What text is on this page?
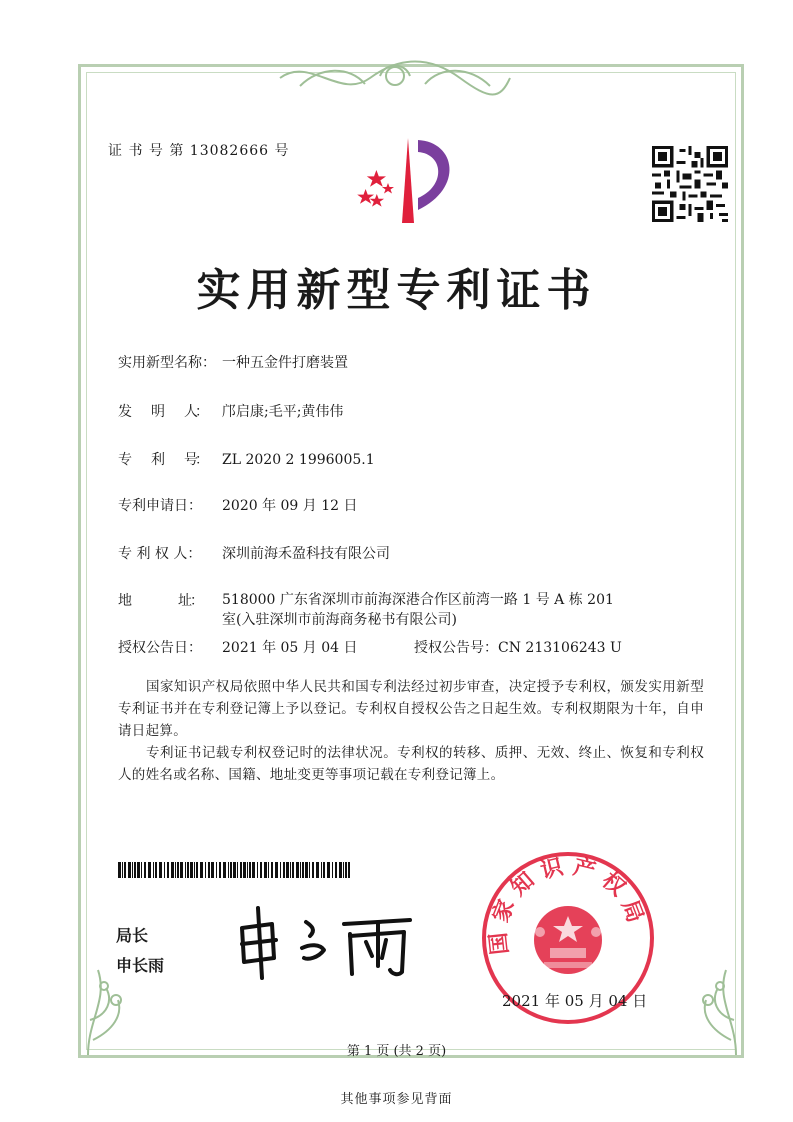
证 书 号 第 13082666 号
实用新型专利证书
实用新型名称： 一种五金件打磨装置
发　　明　　人： 邝启康;毛平;黄伟伟
专　　利　　号： ZL 2020 2 1996005.1
专利申请日： 2020 年 09 月 12 日
专 利 权 人： 深圳前海禾盈科技有限公司
地　　　　址：	518000 广东省深圳市前海深港合作区前湾一路 1 号 A 栋 201
室(入驻深圳市前海商务秘书有限公司)
授权公告日： 2021 年 05 月 04 日	授权公告号：CN 213106243 U
国家知识产权局依照中华人民共和国专利法经过初步审查，决定授予专利权，颁发实用新型专利证书并在专利登记簿上予以登记。专利权自授权公告之日起生效。专利权期限为十年，自申请日起算。
专利证书记载专利权登记时的法律状况。专利权的转移、质押、无效、终止、恢复和专利权人的姓名或名称、国籍、地址变更等事项记载在专利登记簿上。
局长
申长雨
国 家 知 识 产 权 局
2021 年 05 月 04 日
第 1 页 (共 2 页)
其他事项参见背面
